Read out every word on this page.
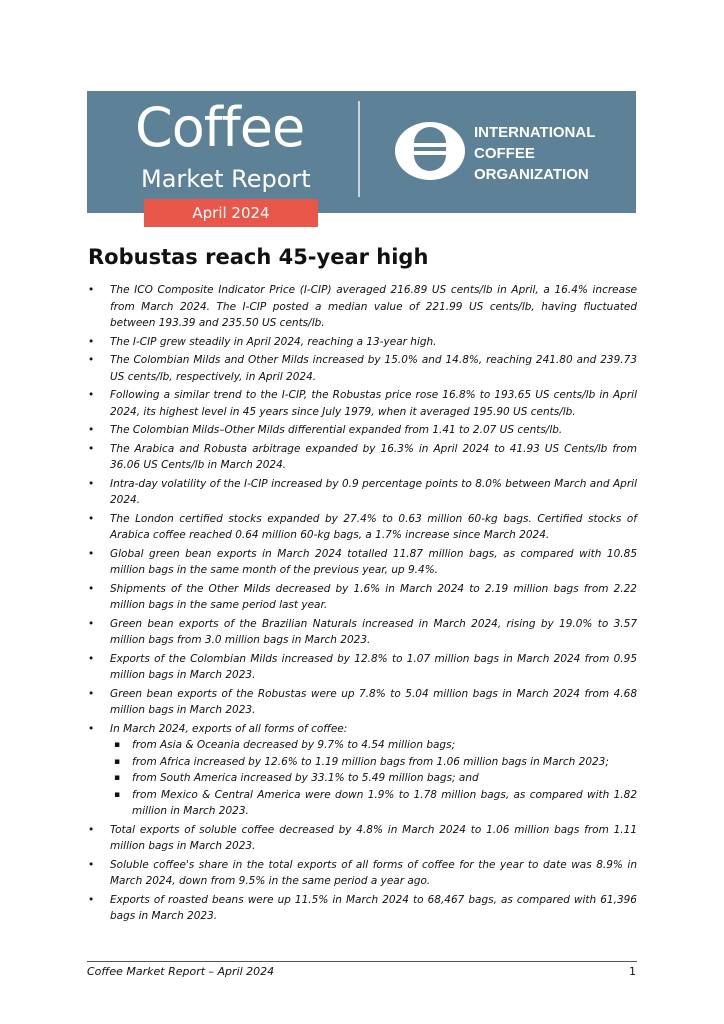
Coffee
Market Report
April 2024
INTERNATIONAL
COFFEE
ORGANIZATION
Robustas reach 45-year high
• The ICO Composite Indicator Price (I-CIP) averaged 216.89 US cents/lb in April, a 16.4% increase from March 2024. The I-CIP posted a median value of 221.99 US cents/lb, having fluctuated between 193.39 and 235.50 US cents/lb.
• The I-CIP grew steadily in April 2024, reaching a 13-year high.
• The Colombian Milds and Other Milds increased by 15.0% and 14.8%, reaching 241.80 and 239.73 US cents/lb, respectively, in April 2024.
• Following a similar trend to the I-CIP, the Robustas price rose 16.8% to 193.65 US cents/lb in April 2024, its highest level in 45 years since July 1979, when it averaged 195.90 US cents/lb.
• The Colombian Milds–Other Milds differential expanded from 1.41 to 2.07 US cents/lb.
• The Arabica and Robusta arbitrage expanded by 16.3% in April 2024 to 41.93 US Cents/lb from 36.06 US Cents/lb in March 2024.
• Intra-day volatility of the I-CIP increased by 0.9 percentage points to 8.0% between March and April 2024.
• The London certified stocks expanded by 27.4% to 0.63 million 60-kg bags. Certified stocks of Arabica coffee reached 0.64 million 60-kg bags, a 1.7% increase since March 2024.
• Global green bean exports in March 2024 totalled 11.87 million bags, as compared with 10.85 million bags in the same month of the previous year, up 9.4%.
• Shipments of the Other Milds decreased by 1.6% in March 2024 to 2.19 million bags from 2.22 million bags in the same period last year.
• Green bean exports of the Brazilian Naturals increased in March 2024, rising by 19.0% to 3.57 million bags from 3.0 million bags in March 2023.
• Exports of the Colombian Milds increased by 12.8% to 1.07 million bags in March 2024 from 0.95 million bags in March 2023.
• Green bean exports of the Robustas were up 7.8% to 5.04 million bags in March 2024 from 4.68 million bags in March 2023.
• In March 2024, exports of all forms of coffee:
▪ from Asia & Oceania decreased by 9.7% to 4.54 million bags;
▪ from Africa increased by 12.6% to 1.19 million bags from 1.06 million bags in March 2023;
▪ from South America increased by 33.1% to 5.49 million bags; and
▪ from Mexico & Central America were down 1.9% to 1.78 million bags, as compared with 1.82 million in March 2023.
• Total exports of soluble coffee decreased by 4.8% in March 2024 to 1.06 million bags from 1.11 million bags in March 2023.
• Soluble coffee's share in the total exports of all forms of coffee for the year to date was 8.9% in March 2024, down from 9.5% in the same period a year ago.
• Exports of roasted beans were up 11.5% in March 2024 to 68,467 bags, as compared with 61,396 bags in March 2023.
Coffee Market Report – April 2024	1
